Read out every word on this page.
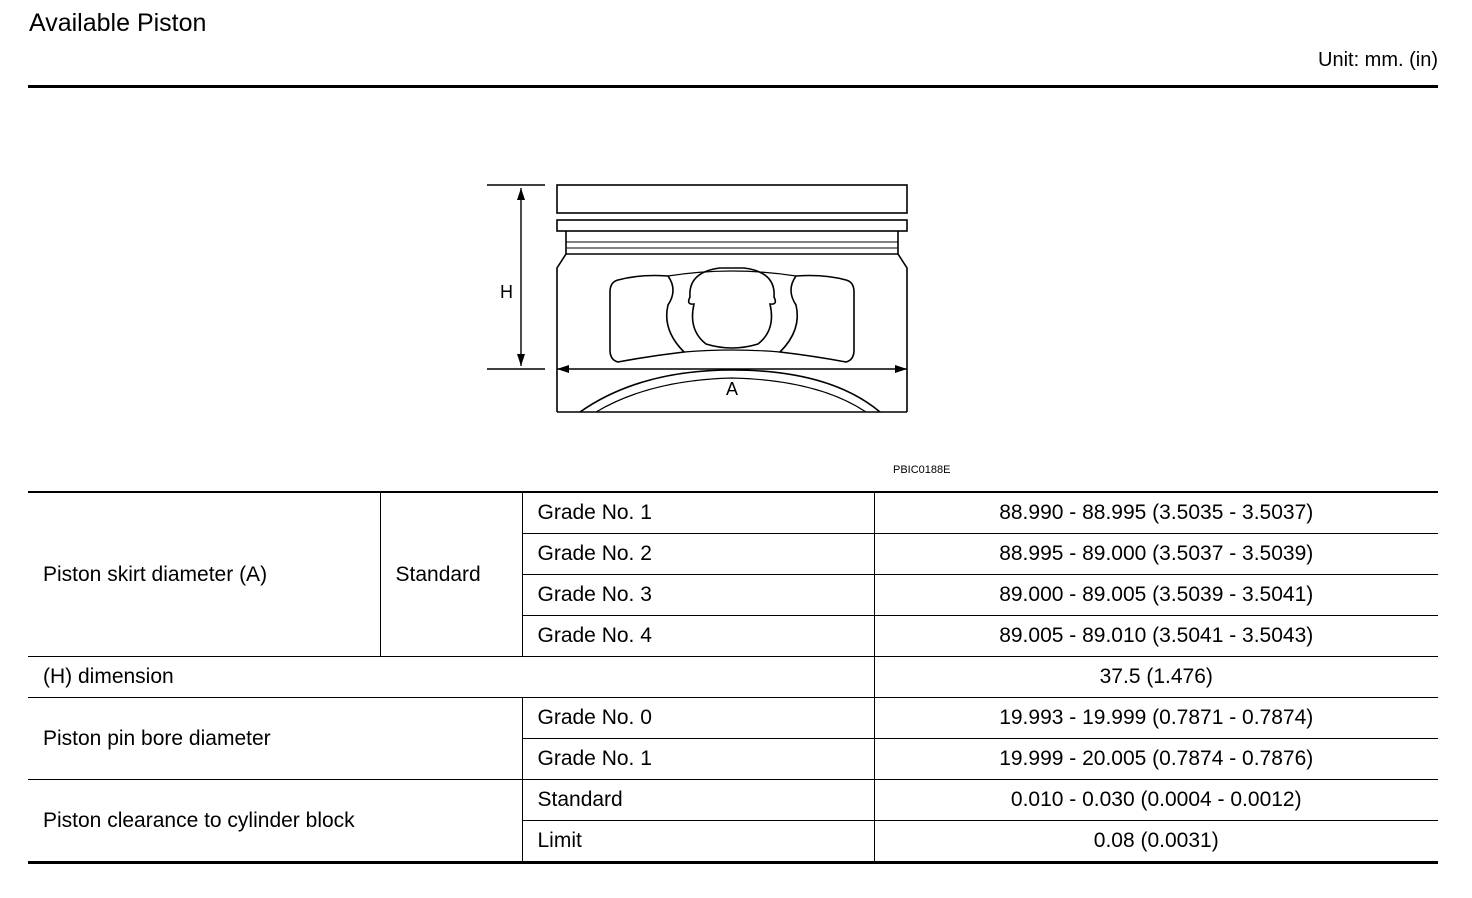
Available Piston
Unit: mm. (in)
H
A
PBIC0188E
Piston skirt diameter (A)	Standard	Grade No. 1	88.990 - 88.995 (3.5035 - 3.5037)
		Grade No. 2	88.995 - 89.000 (3.5037 - 3.5039)
		Grade No. 3	89.000 - 89.005 (3.5039 - 3.5041)
		Grade No. 4	89.005 - 89.010 (3.5041 - 3.5043)
(H) dimension			37.5 (1.476)
Piston pin bore diameter		Grade No. 0	19.993 - 19.999 (0.7871 - 0.7874)
		Grade No. 1	19.999 - 20.005 (0.7874 - 0.7876)
Piston clearance to cylinder block		Standard	0.010 - 0.030 (0.0004 - 0.0012)
		Limit	0.08 (0.0031)
